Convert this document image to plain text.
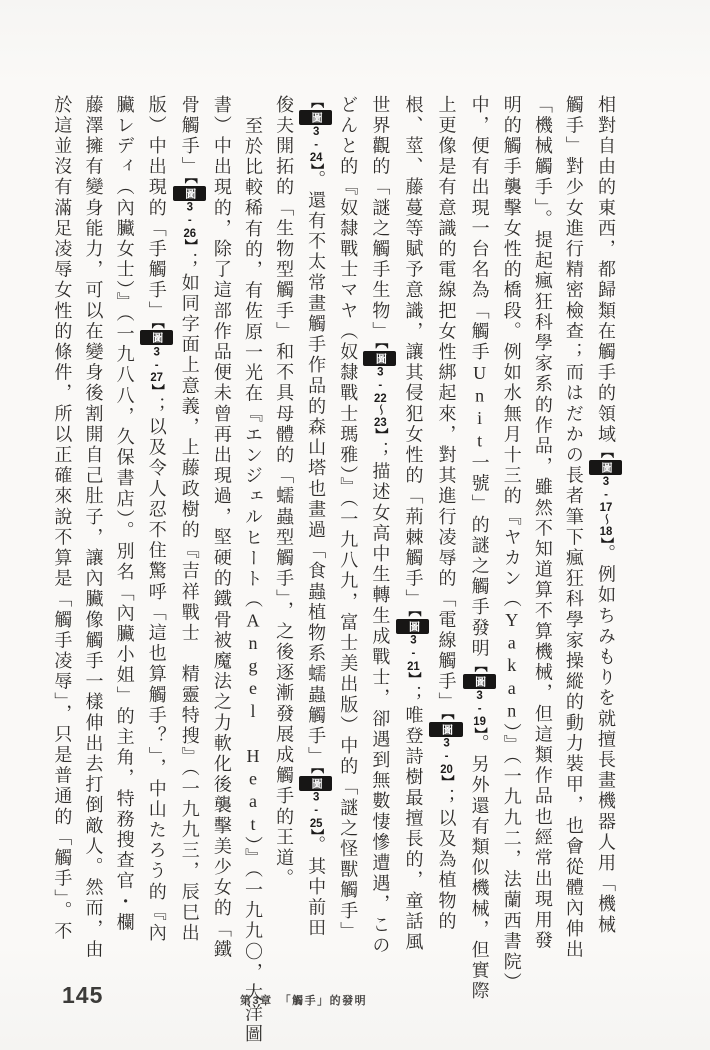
相對自由的東西，都歸類在觸手的領域【圖3-17～18】。例如ちみもりを就擅長畫機器人用「機械
觸手」對少女進行精密檢查；而はだかの長者筆下瘋狂科學家操縱的動力裝甲，也會從體內伸出
「機械觸手」。提起瘋狂科學家系的作品，雖然不知道算不算機械，但這類作品也經常出現用發
明的觸手襲擊女性的橋段。例如水無月十三的『ヤカン（Yakan）』（一九九二，法蘭西書院）
中，便有出現一台名為「觸手Unit一號」的謎之觸手發明【圖3-19】。另外還有類似機械，但實際
上更像是有意識的電線把女性綁起來，對其進行凌辱的「電線觸手」【圖3-20】；以及為植物的
根、莖、藤蔓等賦予意識，讓其侵犯女性的「荊棘觸手」【圖3-21】；唯登詩樹最擅長的，童話風
世界觀的「謎之觸手生物」【圖3-22～23】；描述女高中生轉生成戰士，卻遇到無數悽慘遭遇，この
どんと的『奴隸戰士マヤ（奴隸戰士瑪雅）』（一九八九，富士美出版）中的「謎之怪獸觸手」
【圖3-24】。還有不太常畫觸手作品的森山塔也畫過「食蟲植物系蠕蟲觸手」【圖3-25】。其中前田
俊夫開拓的「生物型觸手」和不具母體的「蠕蟲型觸手」，之後逐漸發展成觸手的王道。
至於比較稀有的，有佐原一光在『エンジェルヒート（Angel Heat）』（一九九〇，大洋圖
書）中出現的，除了這部作品便未曾再出現過，堅硬的鐵骨被魔法之力軟化後襲擊美少女的「鐵
骨觸手」【圖3-26】；如同字面上意義，上藤政樹的『吉祥戰士　精靈特搜』（一九九三，辰巳出
版）中出現的「手觸手」【圖3-27】；以及令人忍不住驚呼「這也算觸手？」，中山たろう的『內
臟レディ（內臟女士）』（一九八八，久保書店）。別名「內臟小姐」的主角，特務搜查官・欄
藤澤擁有變身能力，可以在變身後割開自己肚子，讓內臟像觸手一樣伸出去打倒敵人。然而，由
於這並沒有滿足凌辱女性的條件，所以正確來說不算是「觸手凌辱」，只是普通的「觸手」。不
145	第3章　「觸手」的發明
